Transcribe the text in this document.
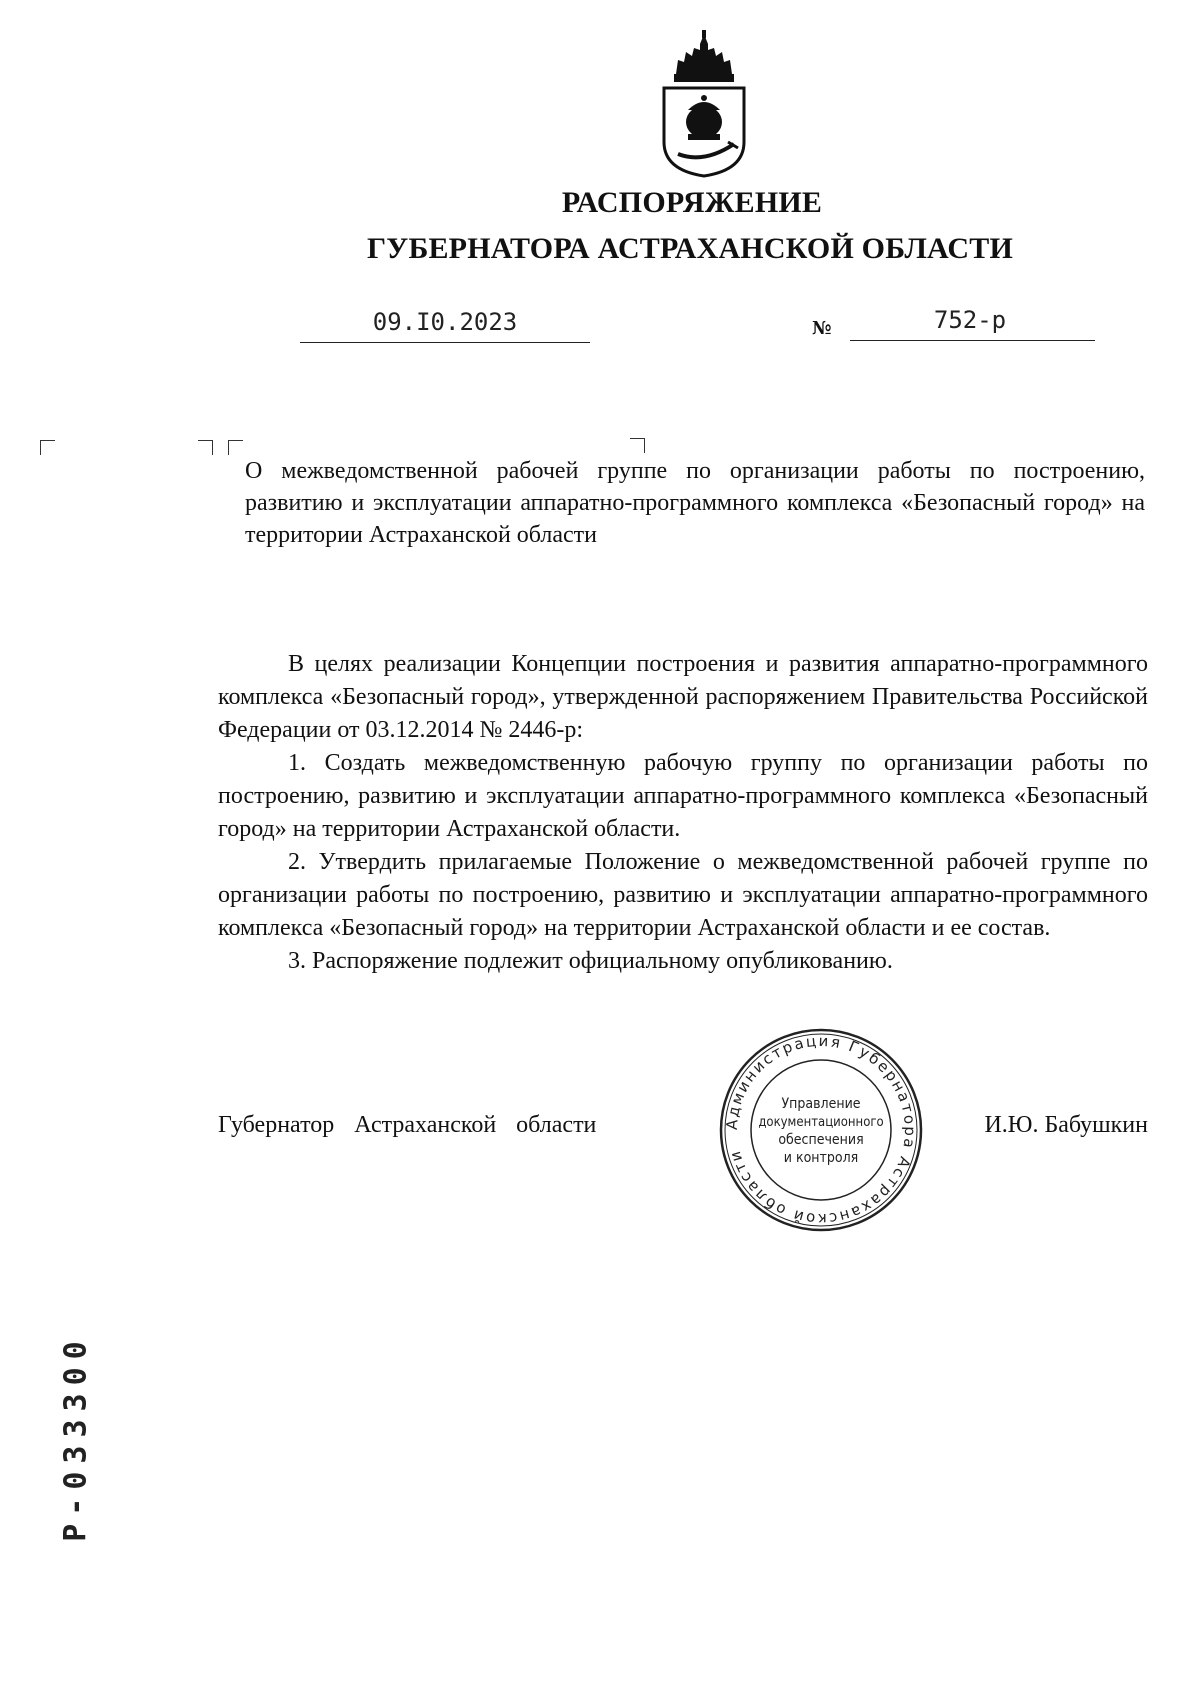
РАСПОРЯЖЕНИЕ
ГУБЕРНАТОРА АСТРАХАНСКОЙ ОБЛАСТИ
09.I0.2023	№	752-р
О межведомственной рабочей группе по организации работы по построению, развитию и эксплуатации аппаратно-программного комплекса «Безопасный город» на территории Астраханской области

В целях реализации Концепции построения и развития аппаратно-программного комплекса «Безопасный город», утвержденной распоряжением Правительства Российской Федерации от 03.12.2014 № 2446-р:

1. Создать межведомственную рабочую группу по организации работы по построению, развитию и эксплуатации аппаратно-программного комплекса «Безопасный город» на территории Астраханской области.

2. Утвердить прилагаемые Положение о межведомственной рабочей группе по организации работы по построению, развитию и эксплуатации аппаратно-программного комплекса «Безопасный город» на территории Астраханской области и ее состав.

3. Распоряжение подлежит официальному опубликованию.

Губернатор Астраханской области	И.Ю. Бабушкин
Администрация Губернатора Астраханской области
Управление
документационного
обеспечения
и контроля
Р-033300
